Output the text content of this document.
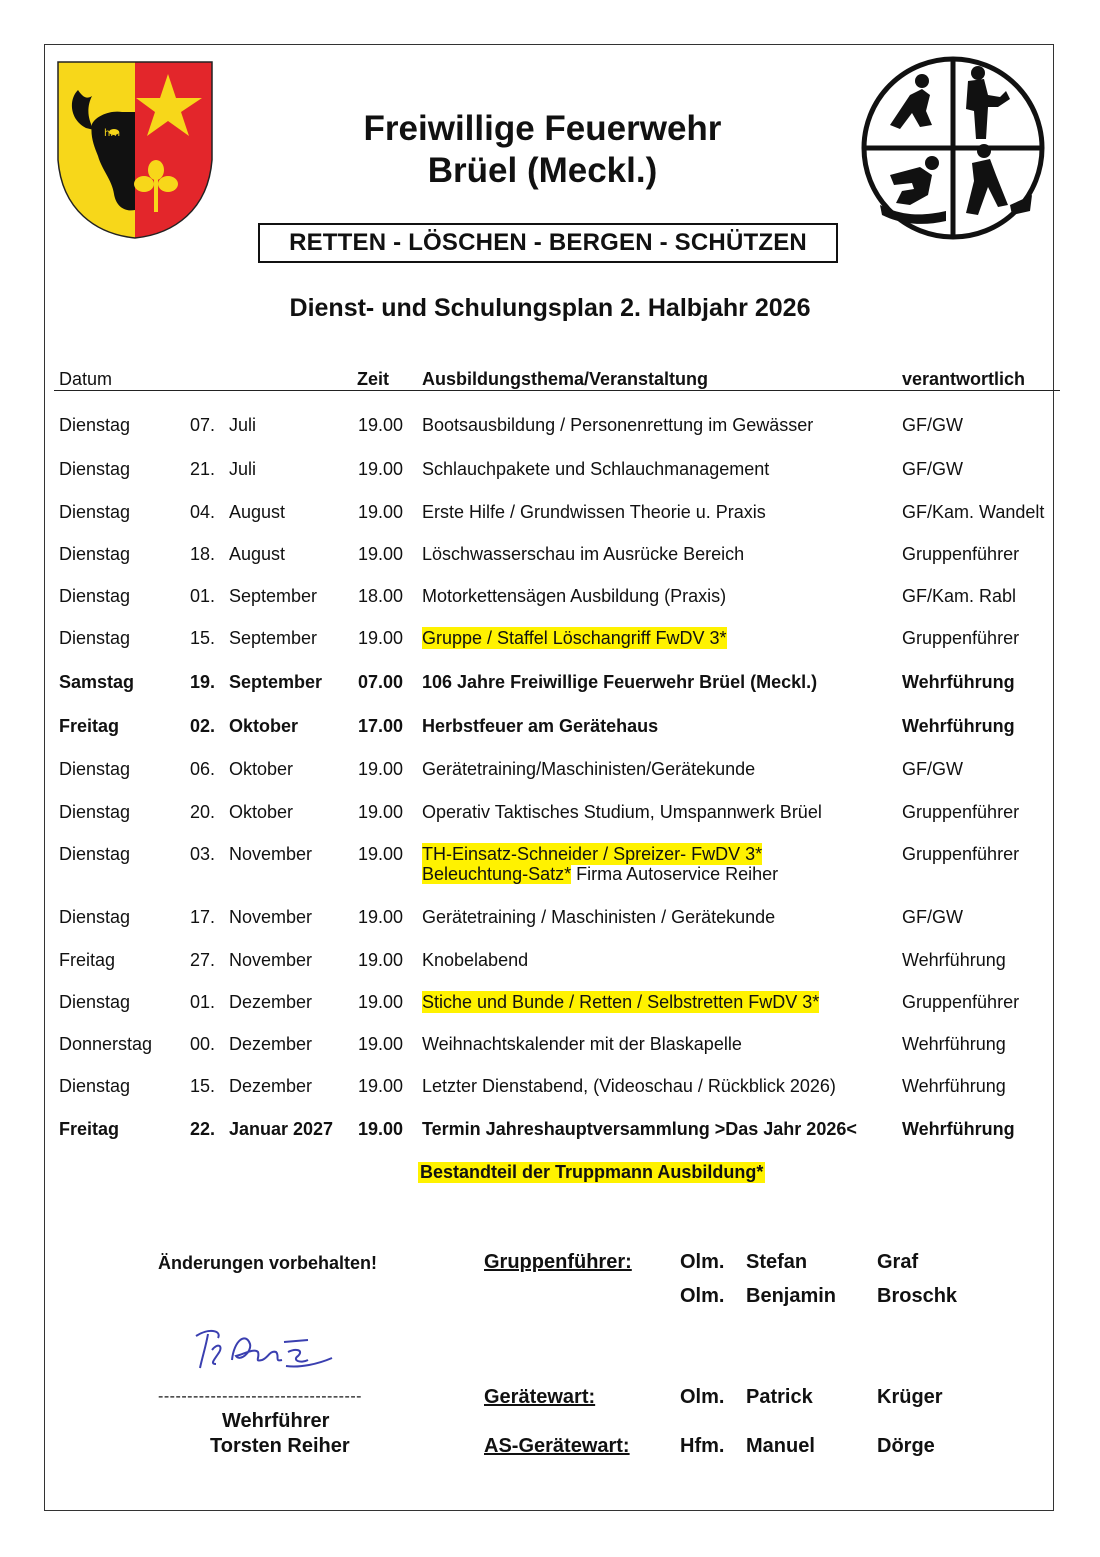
hm	Freiwillige Feuerwehr
Brüel (Meckl.)
RETTEN - LÖSCHEN - BERGEN - SCHÜTZEN
Dienst- und Schulungsplan 2. Halbjahr 2026
Datum	Zeit Ausbildungsthema/Veranstaltung	verantwortlich
Dienstag	07. Juli	19.00 Bootsausbildung / Personenrettung im Gewässer	GF/GW
Dienstag	21. Juli	19.00 Schlauchpakete und Schlauchmanagement	GF/GW
Dienstag	04. August	19.00 Erste Hilfe / Grundwissen Theorie u. Praxis	GF/Kam. Wandelt
Dienstag	18. August	19.00 Löschwasserschau im Ausrücke Bereich	Gruppenführer
Dienstag	01. September 18.00 Motorkettensägen Ausbildung (Praxis)	GF/Kam. Rabl
Dienstag	15. September 19.00 Gruppe / Staffel Löschangriff FwDV 3*	Gruppenführer
Samstag	19. September 07.00 106 Jahre Freiwillige Feuerwehr Brüel (Meckl.)	Wehrführung
Freitag	02. Oktober	17.00 Herbstfeuer am Gerätehaus	Wehrführung
Dienstag	06. Oktober	19.00 Gerätetraining/Maschinisten/Gerätekunde	GF/GW
Dienstag	20. Oktober	19.00 Operativ Taktisches Studium, Umspannwerk Brüel	Gruppenführer
Dienstag	03. November	19.00 TH-Einsatz-Schneider / Spreizer- FwDV 3*	Gruppenführer
Beleuchtung-Satz* Firma Autoservice Reiher
Dienstag	17. November	19.00 Gerätetraining / Maschinisten / Gerätekunde	GF/GW
Freitag	27. November	19.00 Knobelabend	Wehrführung
Dienstag	01. Dezember	19.00 Stiche und Bunde / Retten / Selbstretten FwDV 3*	Gruppenführer
Donnerstag 00. Dezember	19.00 Weihnachtskalender mit der Blaskapelle	Wehrführung
Dienstag	15. Dezember	19.00 Letzter Dienstabend, (Videoschau / Rückblick 2026)	Wehrführung
Freitag	22. Januar 2027 19.00 Termin Jahreshauptversammlung >Das Jahr 2026<	Wehrführung
Bestandteil der Truppmann Ausbildung*
Änderungen vorbehalten!
-----------------------------------
Wehrführer
Torsten Reiher
Gruppenführer: Olm. Stefan	Graf
Olm. Benjamin Broschk
Gerätewart:	Olm. Patrick	Krüger
AS-Gerätewart:	Hfm. Manuel	Dörge
